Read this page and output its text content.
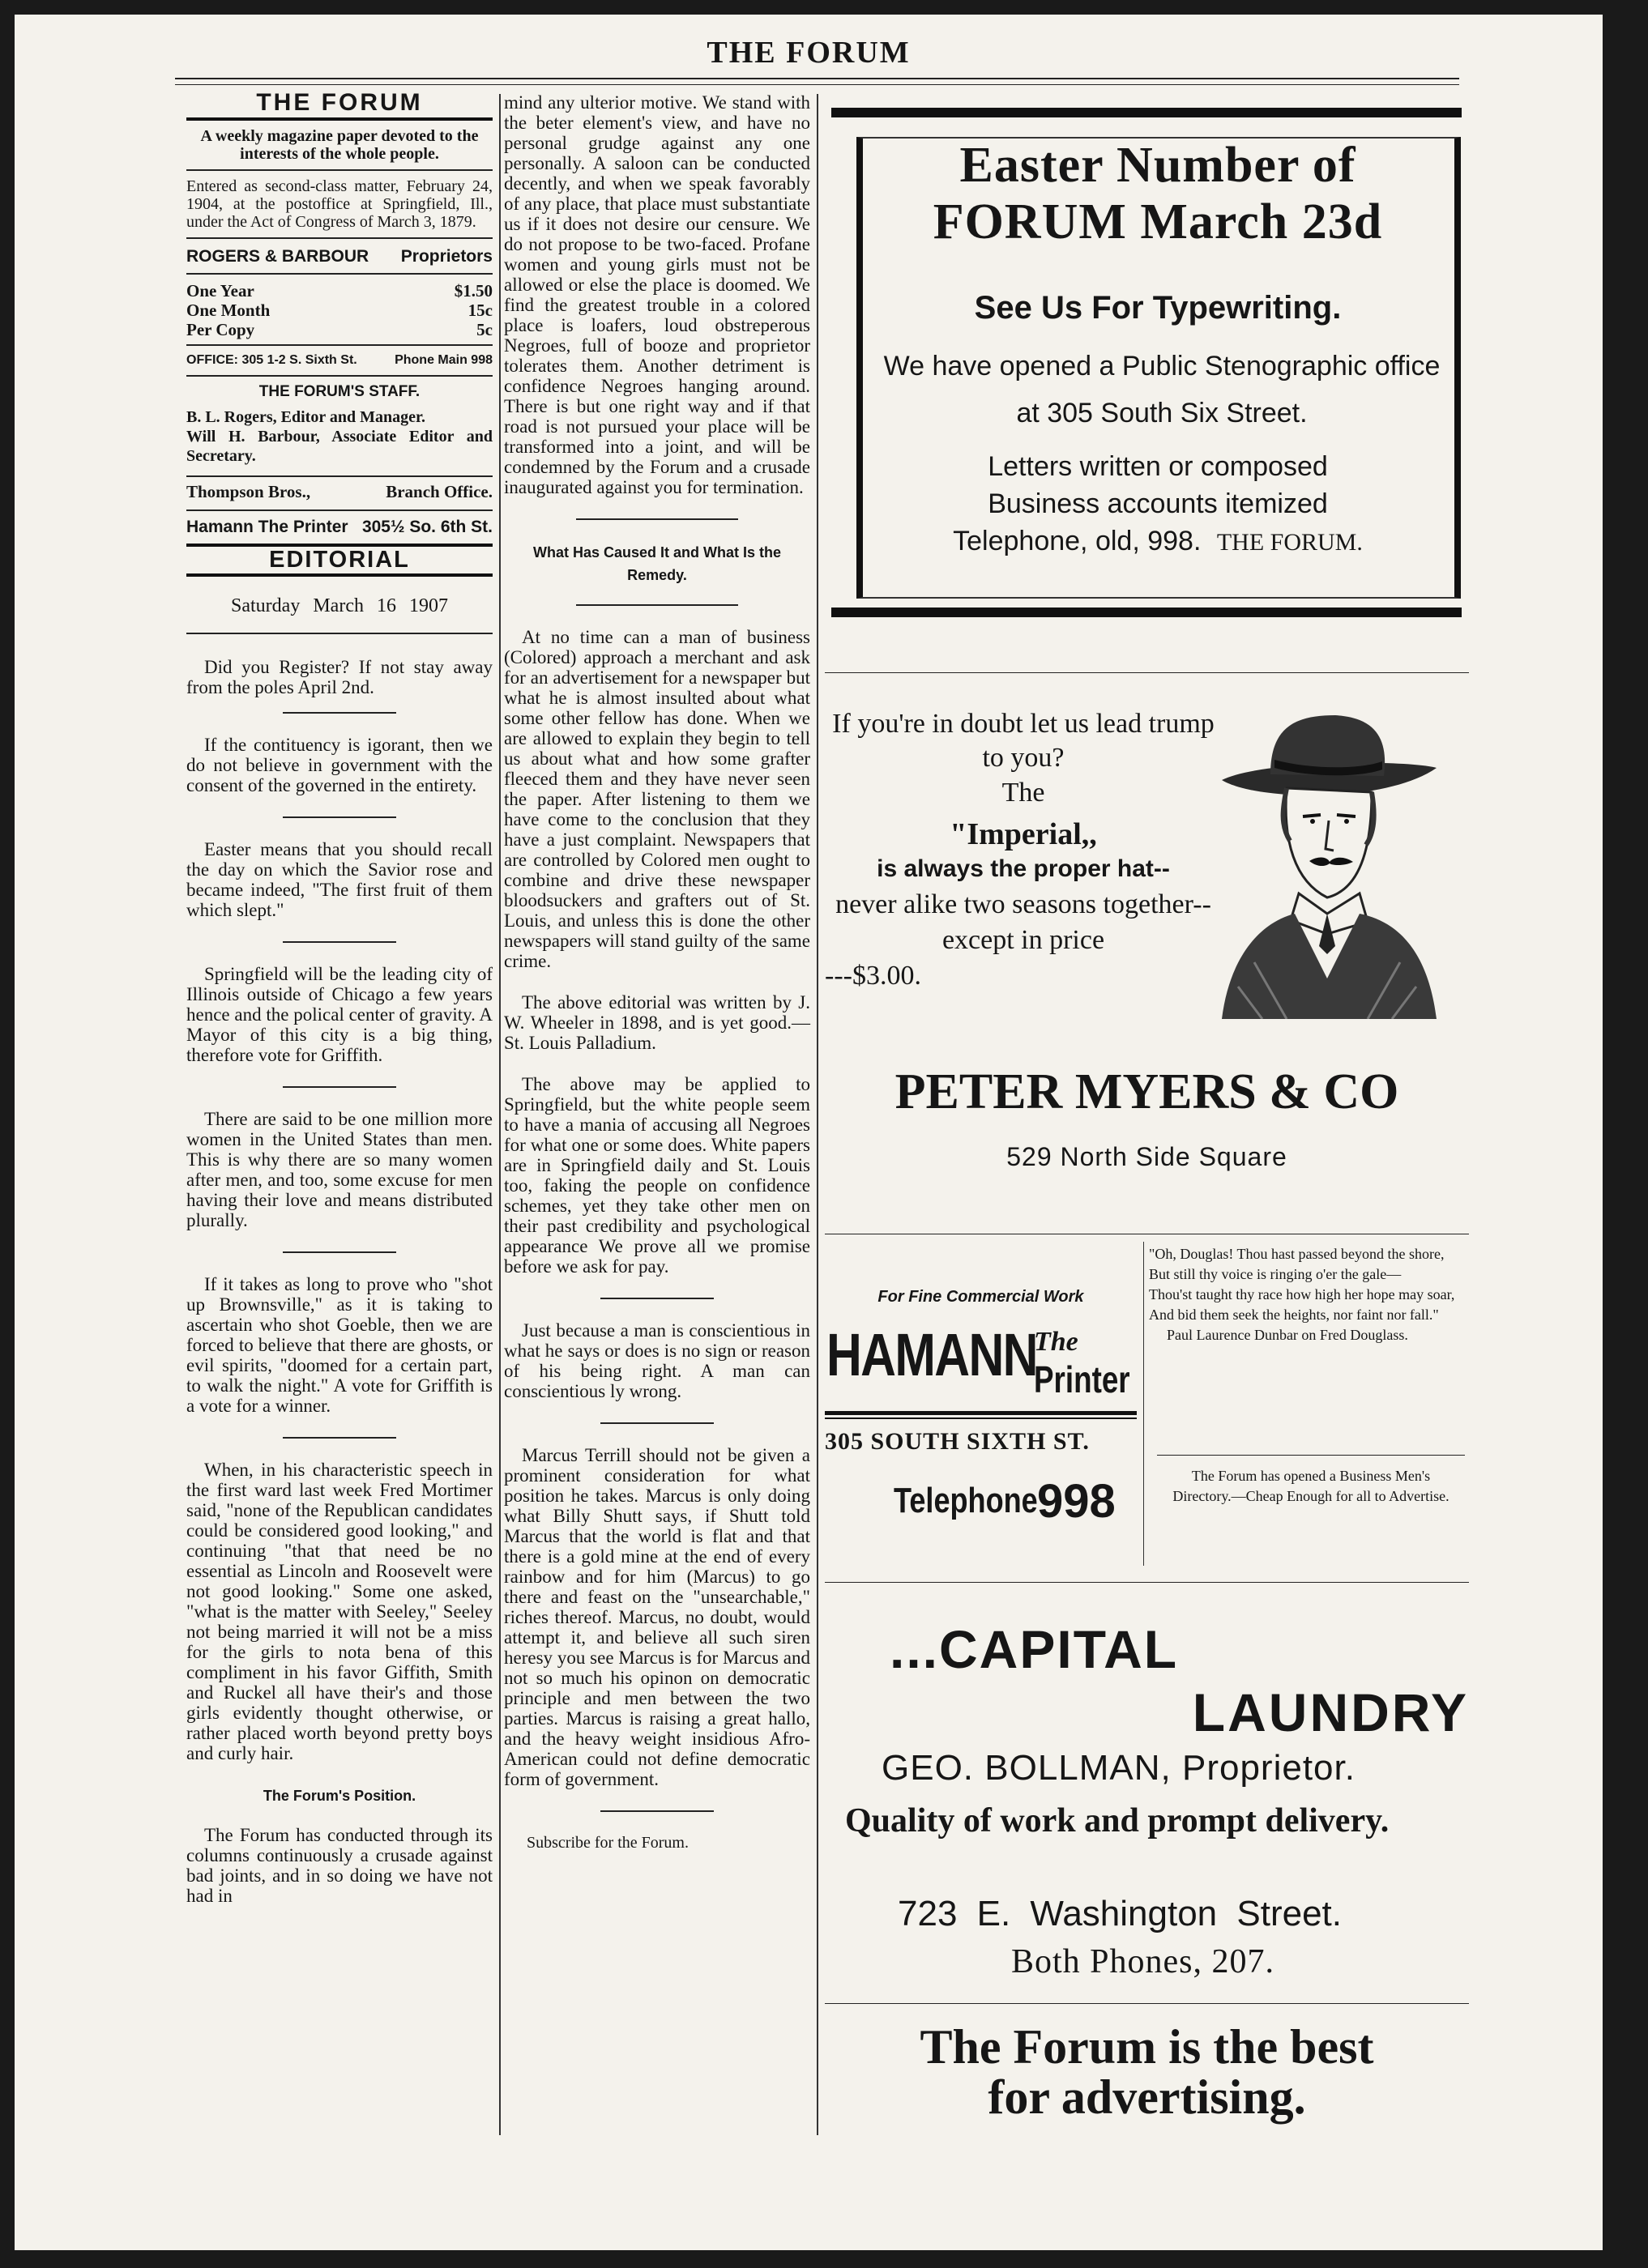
THE FORUM
THE FORUM
A weekly magazine paper devoted to the interests of the whole people.
Entered as second-class matter, February 24, 1904, at the postoffice at Springfield, Ill., under the Act of Congress of March 3, 1879.
ROGERS & BARBOUR Proprietors
One Year	$1.50
One Month	15c
Per Copy	5c
OFFICE: 305 1-2 S. Sixth St.	Phone Main 998
THE FORUM'S STAFF.
B. L. Rogers, Editor and Manager.
Will H. Barbour, Associate Editor and Secretary.
Thompson Bros.,	Branch Office.
Hamann The Printer 305½ So. 6th St.
EDITORIAL
Saturday March 16 1907

Did you Register? If not stay away from the poles April 2nd.

If the contituency is igorant, then we do not believe in government with the consent of the governed in the entirety.

Easter means that you should recall the day on which the Savior rose and became indeed, "The first fruit of them which slept."

Springfield will be the leading city of Illinois outside of Chicago a few years hence and the polical center of gravity. A Mayor of this city is a big thing, therefore vote for Griffith.

There are said to be one million more women in the United States than men. This is why there are so many women after men, and too, some excuse for men having their love and means distributed plurally.

If it takes as long to prove who "shot up Brownsville," as it is taking to ascertain who shot Goeble, then we are forced to believe that there are ghosts, or evil spirits, "doomed for a certain part, to walk the night." A vote for Griffith is a vote for a winner.

When, in his characteristic speech in the first ward last week Fred Mortimer said, "none of the Republican candidates could be considered good looking," and continuing "that that need be no essential as Lincoln and Roosevelt were not good looking." Some one asked, "what is the matter with Seeley," Seeley not being married it will not be a miss for the girls to nota bena of this compliment in his favor Giffith, Smith and Ruckel all have their's and those girls evidently thought otherwise, or rather placed worth beyond pretty boys and curly hair.

The Forum's Position.

The Forum has conducted through its columns continuously a crusade against bad joints, and in so doing we have not had in

mind any ulterior motive. We stand with the beter element's view, and have no personal grudge against any one personally. A saloon can be conducted decently, and when we speak favorably of any place, that place must substantiate us if it does not desire our censure. We do not propose to be two-faced. Profane women and young girls must not be allowed or else the place is doomed. We find the greatest trouble in a colored place is loafers, loud obstreperous Negroes, full of booze and proprietor tolerates them. Another detriment is confidence Negroes hanging around. There is but one right way and if that road is not pursued your place will be transformed into a joint, and will be condemned by the Forum and a crusade inaugurated against you for termination.

What Has Caused It and What Is the Remedy.

At no time can a man of business (Colored) approach a merchant and ask for an advertisement for a newspaper but what he is almost insulted about what some other fellow has done. When we are allowed to explain they begin to tell us about what and how some grafter fleeced them and they have never seen the paper. After listening to them we have come to the conclusion that they have a just complaint. Newspapers that are controlled by Colored men ought to combine and drive these newspaper bloodsuckers and grafters out of St. Louis, and unless this is done the other newspapers will stand guilty of the same crime.

The above editorial was written by J. W. Wheeler in 1898, and is yet good.—St. Louis Palladium.

The above may be applied to Springfield, but the white people seem to have a mania of accusing all Negroes for what one or some does. White papers are in Springfield daily and St. Louis too, faking the people on confidence schemes, yet they take other men on their past credibility and psychological appearance We prove all we promise before we ask for pay.

Just because a man is conscientious in what he says or does is no sign or reason of his being right. A man can conscientious ly wrong.

Marcus Terrill should not be given a prominent consideration for what position he takes. Marcus is only doing what Billy Shutt says, if Shutt told Marcus that the world is flat and that there is a gold mine at the end of every rainbow and for him (Marcus) to go there and feast on the "unsearchable," riches thereof. Marcus, no doubt, would attempt it, and believe all such siren heresy you see Marcus is for Marcus and not so much his opinon on democratic principle and men between the two parties. Marcus is raising a great hallo, and the heavy weight insidious Afro-American could not define democratic form of government.

Subscribe for the Forum.
Easter Number of
FORUM March 23d
See Us For Typewriting.
We have opened a Public Stenographic office at 305 South Six Street.
Letters written or composed
Business accounts itemized
Telephone, old, 998. THE FORUM.
If you're in doubt let us lead trump to you?
The
"Imperial,,
is always the proper hat--
never alike two seasons together--except in price
---$3.00.
PETER MYERS & CO
529 North Side Square
For Fine Commercial Work
HAMANN
The
Printer
305 SOUTH SIXTH ST.
Telephone 998
"Oh, Douglas! Thou hast passed beyond the shore,
But still thy voice is ringing o'er the gale—
Thou'st taught thy race how high her hope may soar,
And bid them seek the heights, nor faint nor fall."
Paul Laurence Dunbar on Fred Douglass.
The Forum has opened a Business Men's Directory.—Cheap Enough for all to Advertise.
...CAPITAL
LAUNDRY
GEO. BOLLMAN, Proprietor.
Quality of work and prompt delivery.
723 E. Washington Street.
Both Phones, 207.
The Forum is the best
for advertising.
